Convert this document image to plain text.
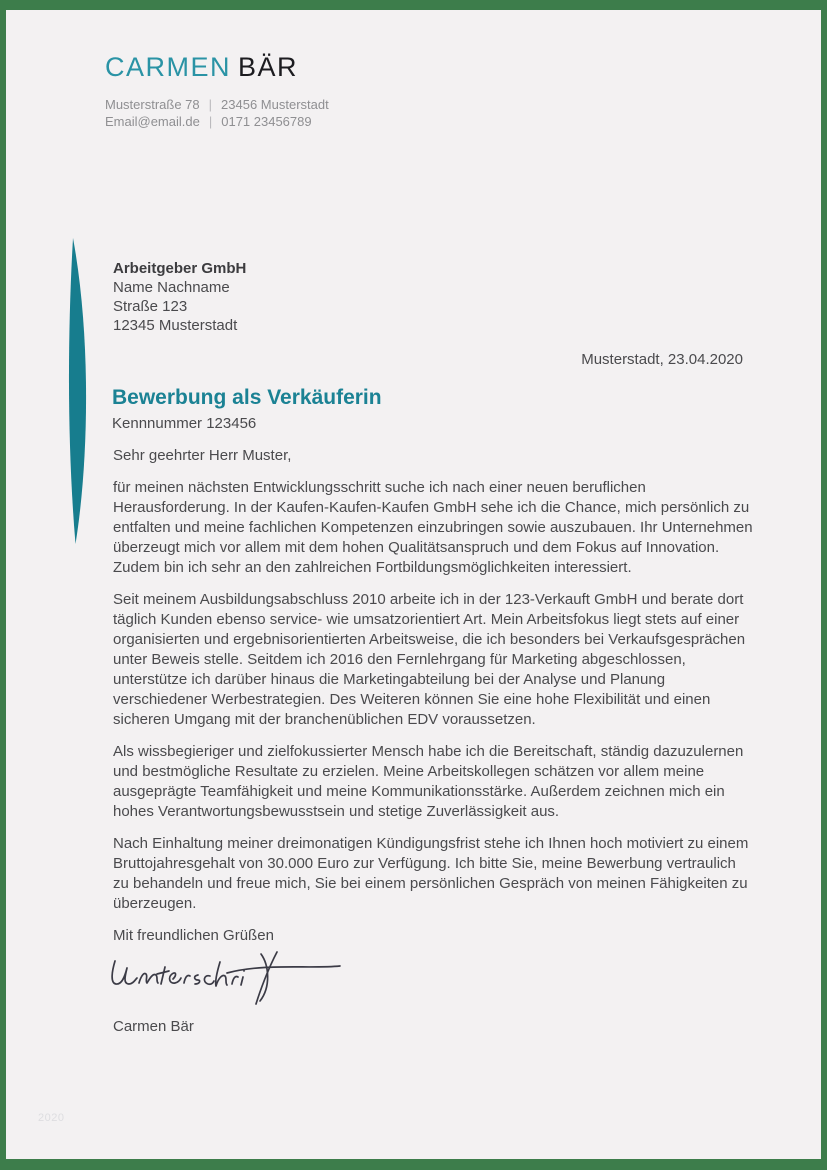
CARMEN BÄR
Musterstraße 78 | 23456 Musterstadt
Email@email.de | 0171 23456789
Arbeitgeber GmbH
Name Nachname
Straße 123
12345 Musterstadt
Musterstadt, 23.04.2020
Bewerbung als Verkäuferin
Kennnummer 123456

Sehr geehrter Herr Muster,

für meinen nächsten Entwicklungsschritt suche ich nach einer neuen beruflichen Herausforderung. In der Kaufen-Kaufen-Kaufen GmbH sehe ich die Chance, mich persönlich zu entfalten und meine fachlichen Kompetenzen einzubringen sowie auszubauen. Ihr Unternehmen überzeugt mich vor allem mit dem hohen Qualitätsanspruch und dem Fokus auf Innovation. Zudem bin ich sehr an den zahlreichen Fortbildungsmöglichkeiten interessiert.

Seit meinem Ausbildungsabschluss 2010 arbeite ich in der 123-Verkauft GmbH und berate dort täglich Kunden ebenso service- wie umsatzorientiert Art. Mein Arbeitsfokus liegt stets auf einer organisierten und ergebnisorientierten Arbeitsweise, die ich besonders bei Verkaufsgesprächen unter Beweis stelle. Seitdem ich 2016 den Fernlehrgang für Marketing abgeschlossen, unterstütze ich darüber hinaus die Marketingabteilung bei der Analyse und Planung verschiedener Werbestrategien. Des Weiteren können Sie eine hohe Flexibilität und einen sicheren Umgang mit der branchenüblichen EDV voraussetzen.

Als wissbegieriger und zielfokussierter Mensch habe ich die Bereitschaft, ständig dazuzulernen und bestmögliche Resultate zu erzielen. Meine Arbeitskollegen schätzen vor allem meine ausgeprägte Teamfähigkeit und meine Kommunikationsstärke. Außerdem zeichnen mich ein hohes Verantwortungsbewusstsein und stetige Zuverlässigkeit aus.

Nach Einhaltung meiner dreimonatigen Kündigungsfrist stehe ich Ihnen hoch motiviert zu einem Bruttojahresgehalt von 30.000 Euro zur Verfügung. Ich bitte Sie, meine Bewerbung vertraulich zu behandeln und freue mich, Sie bei einem persönlichen Gespräch von meinen Fähigkeiten zu überzeugen.

Mit freundlichen Grüßen

Carmen Bär

2020
